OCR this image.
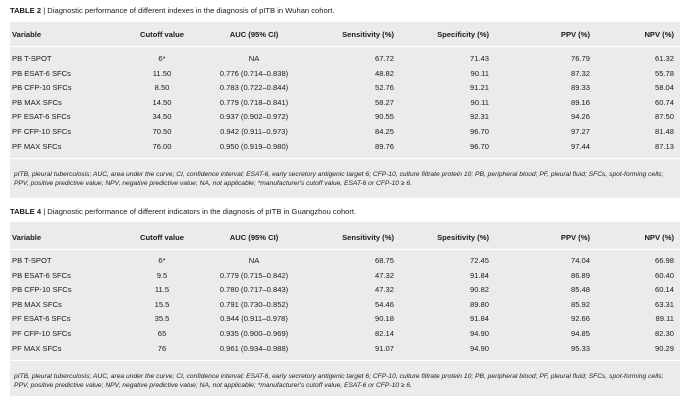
TABLE 2 | Diagnostic performance of different indexes in the diagnosis of pITB in Wuhan cohort.
Variable	Cutoff value	AUC (95% CI)	Sensitivity (%)	Specificity (%)	PPV (%)	NPV (%)
PB T-SPOT	6*	NA	67.72	71.43	76.79	61.32
PB ESAT-6 SFCs	11.50	0.776 (0.714–0.838)	48.82	90.11	87.32	55.78
PB CFP-10 SFCs	8.50	0.783 (0.722–0.844)	52.76	91.21	89.33	58.04
PB MAX SFCs	14.50	0.779 (0.718–0.841)	58.27	90.11	89.16	60.74
PF ESAT-6 SFCs	34.50	0.937 (0.902–0.972)	90.55	92.31	94.26	87.50
PF CFP-10 SFCs	70.50	0.942 (0.911–0.973)	84.25	96.70	97.27	81.48
PF MAX SFCs	76.00	0.950 (0.919–0.980)	89.76	96.70	97.44	87.13
pITB, pleural tuberculosis; AUC, area under the curve; CI, confidence interval; ESAT-6, early secretory antigenic target 6; CFP-10, culture filtrate protein 10; PB, peripheral blood; PF, pleural fluid; SFCs, spot-forming cells; PPV, positive predictive value; NPV, negative predictive value; NA, not applicable; *manufacturer's cutoff value, ESAT-6 or CFP-10 ≥ 6.
TABLE 4 | Diagnostic performance of different indicators in the diagnosis of pITB in Guangzhou cohort.
Variable	Cutoff value	AUC (95% CI)	Sensitivity (%)	Spesitivity (%)	PPV (%)	NPV (%)
PB T-SPOT	6*	NA	68.75	72.45	74.04	66.98
PB ESAT-6 SFCs	9.5	0.779 (0.715–0.842)	47.32	91.84	86.89	60.40
PB CFP-10 SFCs	11.5	0.780 (0.717–0.843)	47.32	90.82	85.48	60.14
PB MAX SFCs	15.5	0.791 (0.730–0.852)	54.46	89.80	85.92	63.31
PF ESAT-6 SFCs	35.5	0.944 (0.911–0.978)	90.18	91.84	92.66	89.11
PF CFP-10 SFCs	65	0.935 (0.900–0.969)	82.14	94.90	94.85	82.30
PF MAX SFCs	76	0.961 (0.934–0.988)	91.07	94.90	95.33	90.29
pITB, pleural tuberculosis; AUC, area under the curve; CI, confidence interval; ESAT-6, early secretory antigenic target 6; CFP-10, culture filtrate protein 10; PB, peripheral blood; PF, pleural fluid; SFCs, spot-forming cells; PPV, positive predictive value; NPV, negative predictive value; NA, not applicable; *manufacturer's cutoff value, ESAT-6 or CFP-10 ≥ 6.
